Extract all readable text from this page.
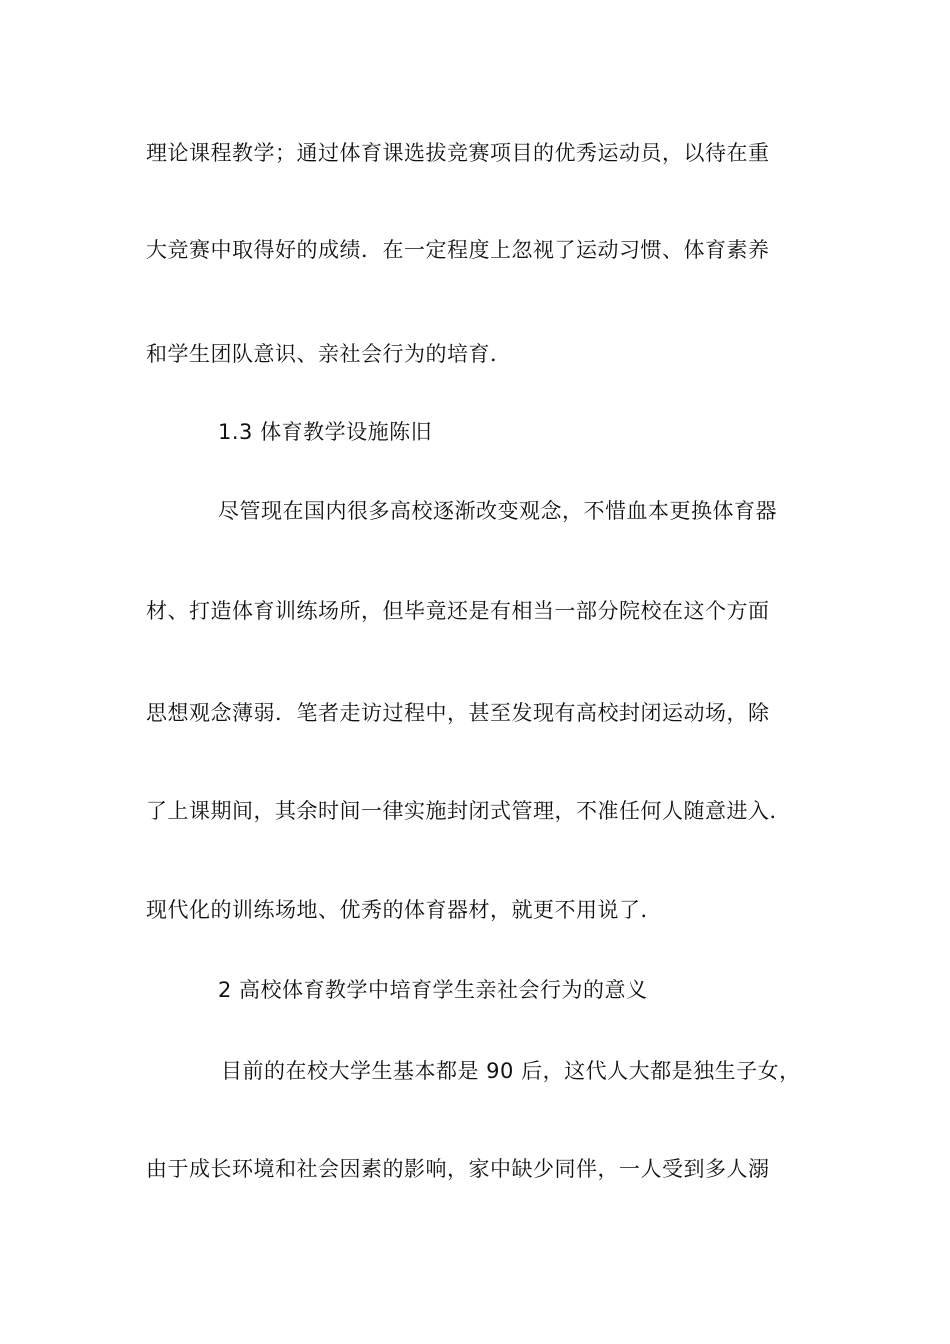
理论课程教学；通过体育课选拔竞赛项目的优秀运动员，以待在重
大竞赛中取得好的成绩．在一定程度上忽视了运动习惯、体育素养
和学生团队意识、亲社会行为的培育．
1.3 体育教学设施陈旧
尽管现在国内很多高校逐渐改变观念，不惜血本更换体育器
材、打造体育训练场所，但毕竟还是有相当一部分院校在这个方面
思想观念薄弱．笔者走访过程中，甚至发现有高校封闭运动场，除
了上课期间，其余时间一律实施封闭式管理，不准任何人随意进入．
现代化的训练场地、优秀的体育器材，就更不用说了．
2 高校体育教学中培育学生亲社会行为的意义
目前的在校大学生基本都是 90 后，这代人大都是独生子女，
由于成长环境和社会因素的影响，家中缺少同伴，一人受到多人溺
